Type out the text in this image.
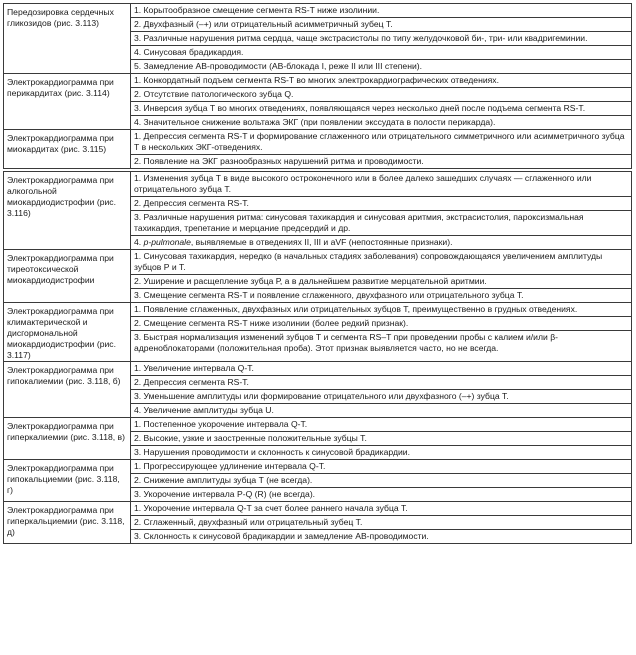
Передозировка сердечных гликозидов (рис. 3.113)	1. Корытообразное смещение сегмента RS-T ниже изолинии.
2. Двухфазный (–+) или отрицательный асимметричный зубец Т.
3. Различные нарушения ритма сердца, чаще экстрасистолы по типу желудочковой би-, три- или квадригеминии.
4. Синусовая брадикардия.
5. Замедление АВ-проводимости (АВ-блокада I, реже II или III степени).

Электрокардиограмма при перикардитах (рис. 3.114)	1. Конкордатный подъем сегмента RS-T во многих электрокардиографических отведениях.
2. Отсутствие патологического зубца Q.
3. Инверсия зубца Т во многих отведениях, появляющаяся через несколько дней после подъема сегмента RS-T.
4. Значительное снижение вольтажа ЭКГ (при появлении экссудата в полости перикарда).

Электрокардиограмма при миокардитах (рис. 3.115)	1. Депрессия сегмента RS-T и формирование сглаженного или отрицательного симметричного или асимметричного зубца Т в нескольких ЭКГ-отведениях.
2. Появление на ЭКГ разнообразных нарушений ритма и проводимости.
Электрокардиограмма при алкогольной миокардиодистрофии (рис. 3.116)	1. Изменения зубца Т в виде высокого остроконечного или в более далеко зашедших случаях — сглаженного или отрицательного зубца Т.
2. Депрессия сегмента RS-T.
3. Различные нарушения ритма: синусовая тахикардия и синусовая аритмия, экстрасистолия, пароксизмальная тахикардия, трепетание и мерцание предсердий и др.
4. p-pulmonale, выявляемые в отведениях II, III и aVF (непостоянные признаки).

Электрокардиограмма при тиреотоксической миокардиодистрофии	1. Синусовая тахикардия, нередко (в начальных стадиях заболевания) сопровождающаяся увеличением амплитуды зубцов Р и Т.
2. Уширение и расщепление зубца Р, а в дальнейшем развитие мерцательной аритмии.
3. Смещение сегмента RS-T и появление сглаженного, двухфазного или отрицательного зубца Т.

Электрокардиограмма при климактерической и дисгормональной миокардиодистрофии (рис. 3.117)	1. Появление сглаженных, двухфазных или отрицательных зубцов Т, преимущественно в грудных отведениях.
2. Смещение сегмента RS-T ниже изолинии (более редкий признак).
3. Быстрая нормализация изменений зубцов Т и сегмента RS–T при проведении пробы с калием и/или β-адреноблокаторами (положительная проба). Этот признак выявляется часто, но не всегда.

Электрокардиограмма при гипокалиемии (рис. 3.118, б)	1. Увеличение интервала Q-T.
2. Депрессия сегмента RS-T.
3. Уменьшение амплитуды или формирование отрицательного или двухфазного (–+) зубца Т.
4. Увеличение амплитуды зубца U.

Электрокардиограмма при гиперкалиемии (рис. 3.118, в)	1. Постепенное укорочение интервала Q-T.
2. Высокие, узкие и заостренные положительные зубцы Т.
3. Нарушения проводимости и склонность к синусовой брадикардии.

Электрокардиограмма при гипокальциемии (рис. 3.118, г)	1. Прогрессирующее удлинение интервала Q-T.
2. Снижение амплитуды зубца Т (не всегда).
3. Укорочение интервала P-Q (R) (не всегда).

Электрокардиограмма при гиперкальциемии (рис. 3.118, д)	1. Укорочение интервала Q-T за счет более раннего начала зубца Т.
2. Сглаженный, двухфазный или отрицательный зубец Т.
3. Склонность к синусовой брадикардии и замедление АВ-проводимости.
